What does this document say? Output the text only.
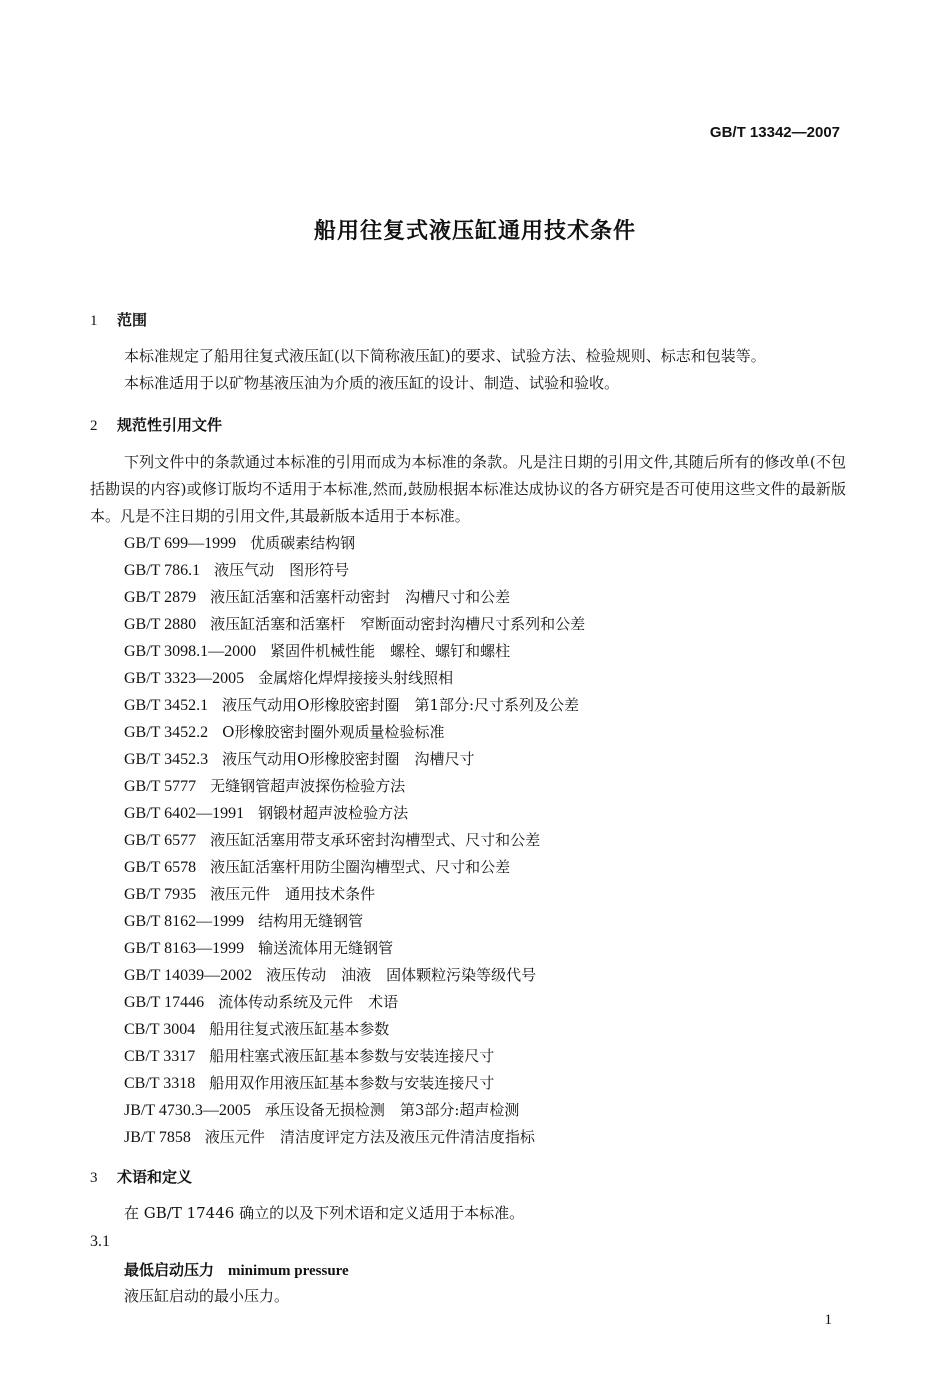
GB/T 13342—2007
船用往复式液压缸通用技术条件
1 范围
本标准规定了船用往复式液压缸(以下简称液压缸)的要求、试验方法、检验规则、标志和包装等。
本标准适用于以矿物基液压油为介质的液压缸的设计、制造、试验和验收。
2 规范性引用文件
下列文件中的条款通过本标准的引用而成为本标准的条款。凡是注日期的引用文件,其随后所有的修改单(不包括勘误的内容)或修订版均不适用于本标准,然而,鼓励根据本标准达成协议的各方研究是否可使用这些文件的最新版本。凡是不注日期的引用文件,其最新版本适用于本标准。
GB/T 699—1999 优质碳素结构钢
GB/T 786.1 液压气动　图形符号
GB/T 2879 液压缸活塞和活塞杆动密封　沟槽尺寸和公差
GB/T 2880 液压缸活塞和活塞杆　窄断面动密封沟槽尺寸系列和公差
GB/T 3098.1—2000 紧固件机械性能　螺栓、螺钉和螺柱
GB/T 3323—2005 金属熔化焊焊接接头射线照相
GB/T 3452.1 液压气动用O形橡胶密封圈　第1部分:尺寸系列及公差
GB/T 3452.2 O形橡胶密封圈外观质量检验标准
GB/T 3452.3 液压气动用O形橡胶密封圈　沟槽尺寸
GB/T 5777 无缝钢管超声波探伤检验方法
GB/T 6402—1991 钢锻材超声波检验方法
GB/T 6577 液压缸活塞用带支承环密封沟槽型式、尺寸和公差
GB/T 6578 液压缸活塞杆用防尘圈沟槽型式、尺寸和公差
GB/T 7935 液压元件　通用技术条件
GB/T 8162—1999 结构用无缝钢管
GB/T 8163—1999 输送流体用无缝钢管
GB/T 14039—2002 液压传动　油液　固体颗粒污染等级代号
GB/T 17446 流体传动系统及元件　术语
CB/T 3004 船用往复式液压缸基本参数
CB/T 3317 船用柱塞式液压缸基本参数与安装连接尺寸
CB/T 3318 船用双作用液压缸基本参数与安装连接尺寸
JB/T 4730.3—2005 承压设备无损检测　第3部分:超声检测
JB/T 7858 液压元件　清洁度评定方法及液压元件清洁度指标
3 术语和定义
在 GB/T 17446 确立的以及下列术语和定义适用于本标准。
3.1
最低启动压力 minimum pressure
液压缸启动的最小压力。
1
